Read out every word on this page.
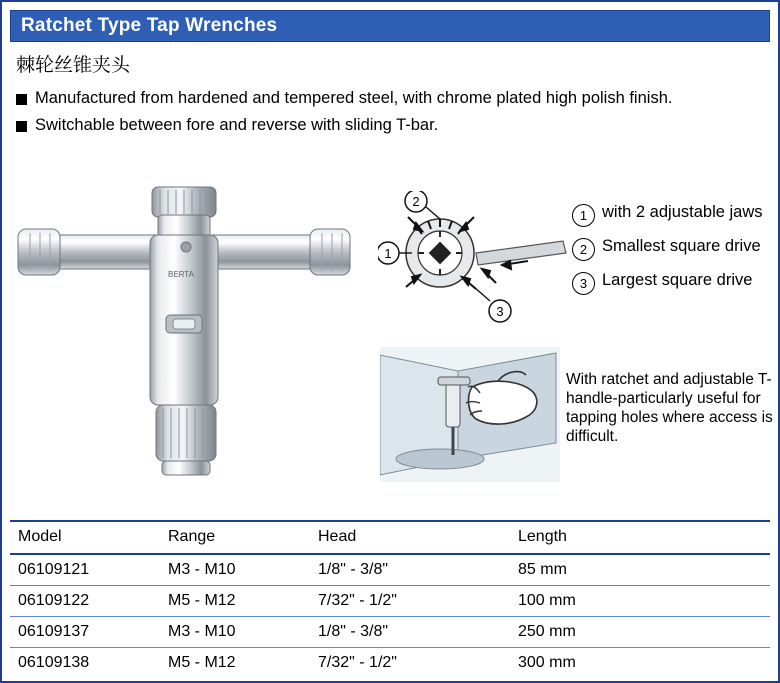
Ratchet Type Tap Wrenches
棘轮丝锥夹头
Manufactured from hardened and tempered steel, with chrome plated high polish finish.
Switchable between fore and reverse with sliding T-bar.
BERTA
2
1
3
1 with 2 adjustable jaws
2 Smallest square drive
3 Largest square drive
With ratchet and adjustable T-handle-particularly useful for tapping holes where access is difficult.
Model	Range	Head	Length
06109121	M3 - M10	1/8" - 3/8"	85 mm
06109122	M5 - M12	7/32" - 1/2"	100 mm
06109137	M3 - M10	1/8" - 3/8"	250 mm
06109138	M5 - M12	7/32" - 1/2"	300 mm
